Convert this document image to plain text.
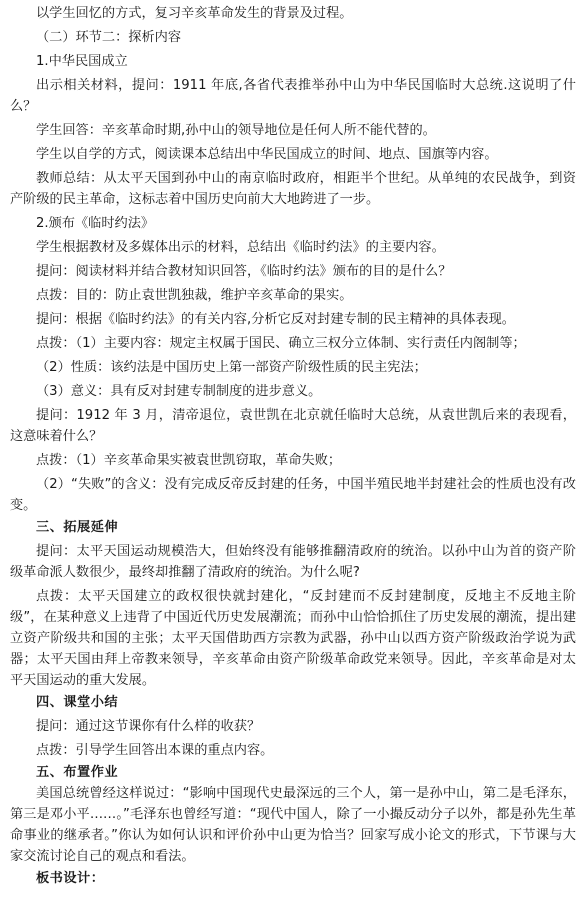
以学生回忆的方式，复习辛亥革命发生的背景及过程。

（二）环节二：探析内容

1.中华民国成立

出示相关材料，提问：1911 年底,各省代表推举孙中山为中华民国临时大总统.这说明了什么？

学生回答：辛亥革命时期,孙中山的领导地位是任何人所不能代替的。

学生以自学的方式，阅读课本总结出中华民国成立的时间、地点、国旗等内容。

教师总结：从太平天国到孙中山的南京临时政府，相距半个世纪。从单纯的农民战争，到资产阶级的民主革命，这标志着中国历史向前大大地跨进了一步。

2.颁布《临时约法》

学生根据教材及多媒体出示的材料，总结出《临时约法》的主要内容。

提问：阅读材料并结合教材知识回答，《临时约法》颁布的目的是什么？

点拨：目的：防止袁世凯独裁，维护辛亥革命的果实。

提问：根据《临时约法》的有关内容,分析它反对封建专制的民主精神的具体表现。

点拨：（1）主要内容：规定主权属于国民、确立三权分立体制、实行责任内阁制等；

（2）性质：该约法是中国历史上第一部资产阶级性质的民主宪法；

（3）意义：具有反对封建专制制度的进步意义。

提问：1912 年 3 月，清帝退位，袁世凯在北京就任临时大总统，从袁世凯后来的表现看，这意味着什么？

点拨：（1）辛亥革命果实被袁世凯窃取，革命失败；

（2）“失败”的含义：没有完成反帝反封建的任务，中国半殖民地半封建社会的性质也没有改变。

三、拓展延伸

提问：太平天国运动规模浩大，但始终没有能够推翻清政府的统治。以孙中山为首的资产阶级革命派人数很少，最终却推翻了清政府的统治。为什么呢?

点拨：太平天国建立的政权很快就封建化，“反封建而不反封建制度，反地主不反地主阶级”，在某种意义上违背了中国近代历史发展潮流；而孙中山恰恰抓住了历史发展的潮流，提出建立资产阶级共和国的主张；太平天国借助西方宗教为武器，孙中山以西方资产阶级政治学说为武器；太平天国由拜上帝教来领导，辛亥革命由资产阶级革命政党来领导。因此，辛亥革命是对太平天国运动的重大发展。

四、课堂小结

提问：通过这节课你有什么样的收获？

点拨：引导学生回答出本课的重点内容。

五、布置作业

美国总统曾经这样说过：“影响中国现代史最深远的三个人，第一是孙中山，第二是毛泽东，第三是邓小平……。”毛泽东也曾经写道：“现代中国人，除了一小撮反动分子以外，都是孙先生革命事业的继承者。”你认为如何认识和评价孙中山更为恰当？回家写成小论文的形式，下节课与大家交流讨论自己的观点和看法。

板书设计：
